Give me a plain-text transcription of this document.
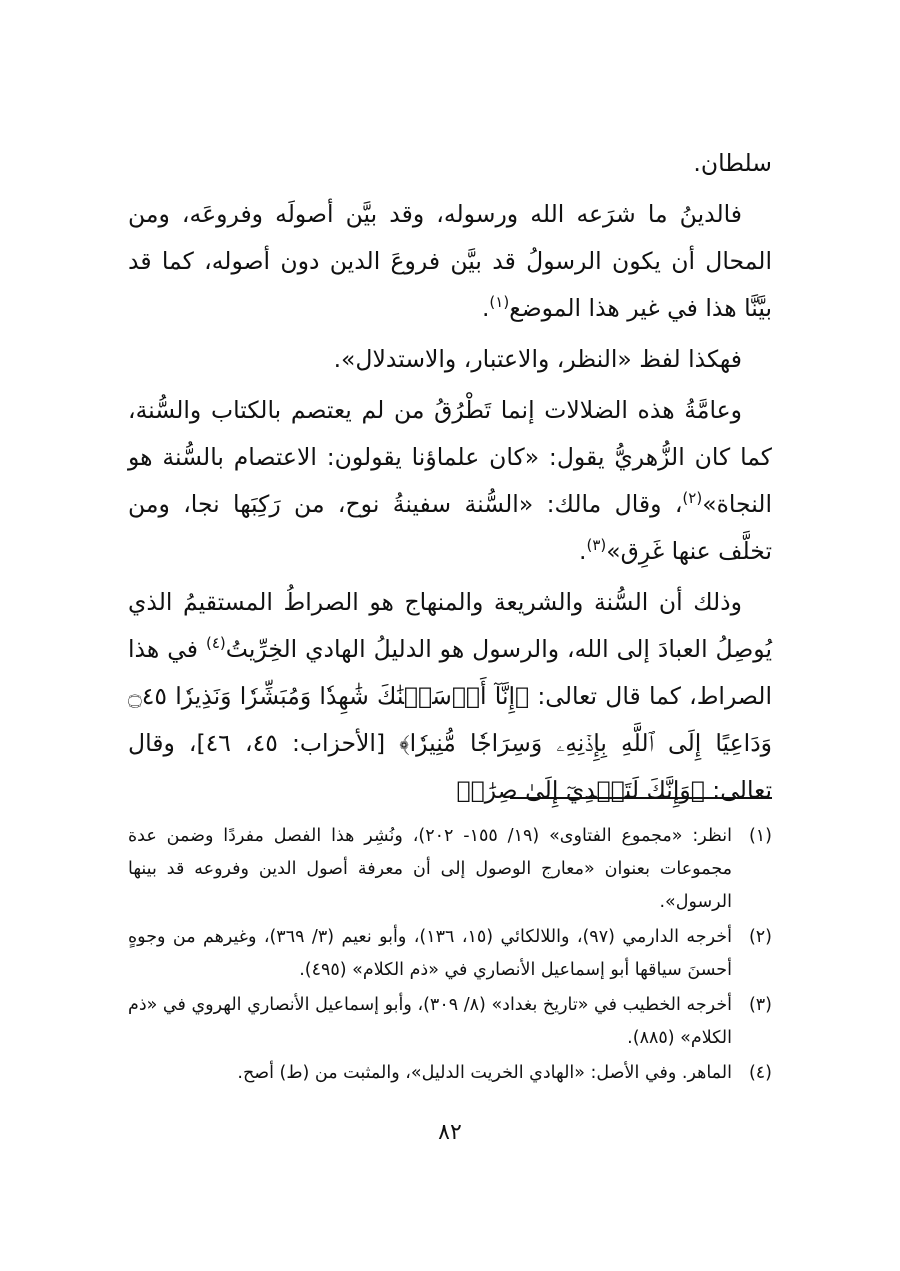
سلطان.

فالدينُ ما شرَعه الله ورسوله، وقد بيَّن أصولَه وفروعَه، ومن المحال أن يكون الرسولُ قد بيَّن فروعَ الدين دون أصوله، كما قد بيَّنَّا هذا في غير هذا الموضع$^{(١)}$.

فهكذا لفظ «النظر، والاعتبار، والاستدلال».

وعامَّةُ هذه الضلالات إنما تَطْرُقُ من لم يعتصم بالكتاب والسُّنة، كما كان الزُّهريُّ يقول: «كان علماؤنا يقولون: الاعتصام بالسُّنة هو النجاة»$^{(٢)}$، وقال مالك: «السُّنة سفينةُ نوح، من رَكِبَها نجا، ومن تخلَّف عنها غَرِق»$^{(٣)}$.

وذلك أن السُّنة والشريعة والمنهاج هو الصراطُ المستقيمُ الذي يُوصِلُ العبادَ إلى الله، والرسول هو الدليلُ الهادي الخِرِّيتُ$^{(٤)}$ في هذا الصراط، كما قال تعالى: ﴿إِنَّآ أَرۡسَلۡنَٰكَ شَٰهِدٗا وَمُبَشِّرٗا وَنَذِيرٗا ۝٤٥ وَدَاعِيًا إِلَى ٱللَّهِ بِإِذۡنِهِۦ وَسِرَاجٗا مُّنِيرٗا﴾ [الأحزاب: ٤٥، ٤٦]، وقال تعالى: ﴿وَإِنَّكَ لَتَهۡدِيٓ إِلَىٰ صِرَٰطٖ

(١)
انظر: «مجموع الفتاوى» (١٩/ ١٥٥- ٢٠٢)، ونُشِر هذا الفصل مفردًا وضمن عدة مجموعات بعنوان «معارج الوصول إلى أن معرفة أصول الدين وفروعه قد بينها الرسول».
(٢)
أخرجه الدارمي (٩٧)، واللالكائي (١٥، ١٣٦)، وأبو نعيم (٣/ ٣٦٩)، وغيرهم من وجوهٍ أحسنَ سياقها أبو إسماعيل الأنصاري في «ذم الكلام» (٤٩٥).
(٣)
أخرجه الخطيب في «تاريخ بغداد» (٨/ ٣٠٩)، وأبو إسماعيل الأنصاري الهروي في «ذم الكلام» (٨٨٥).
(٤)
الماهر. وفي الأصل: «الهادي الخريت الدليل»، والمثبت من (ط) أصح.
٨٢
